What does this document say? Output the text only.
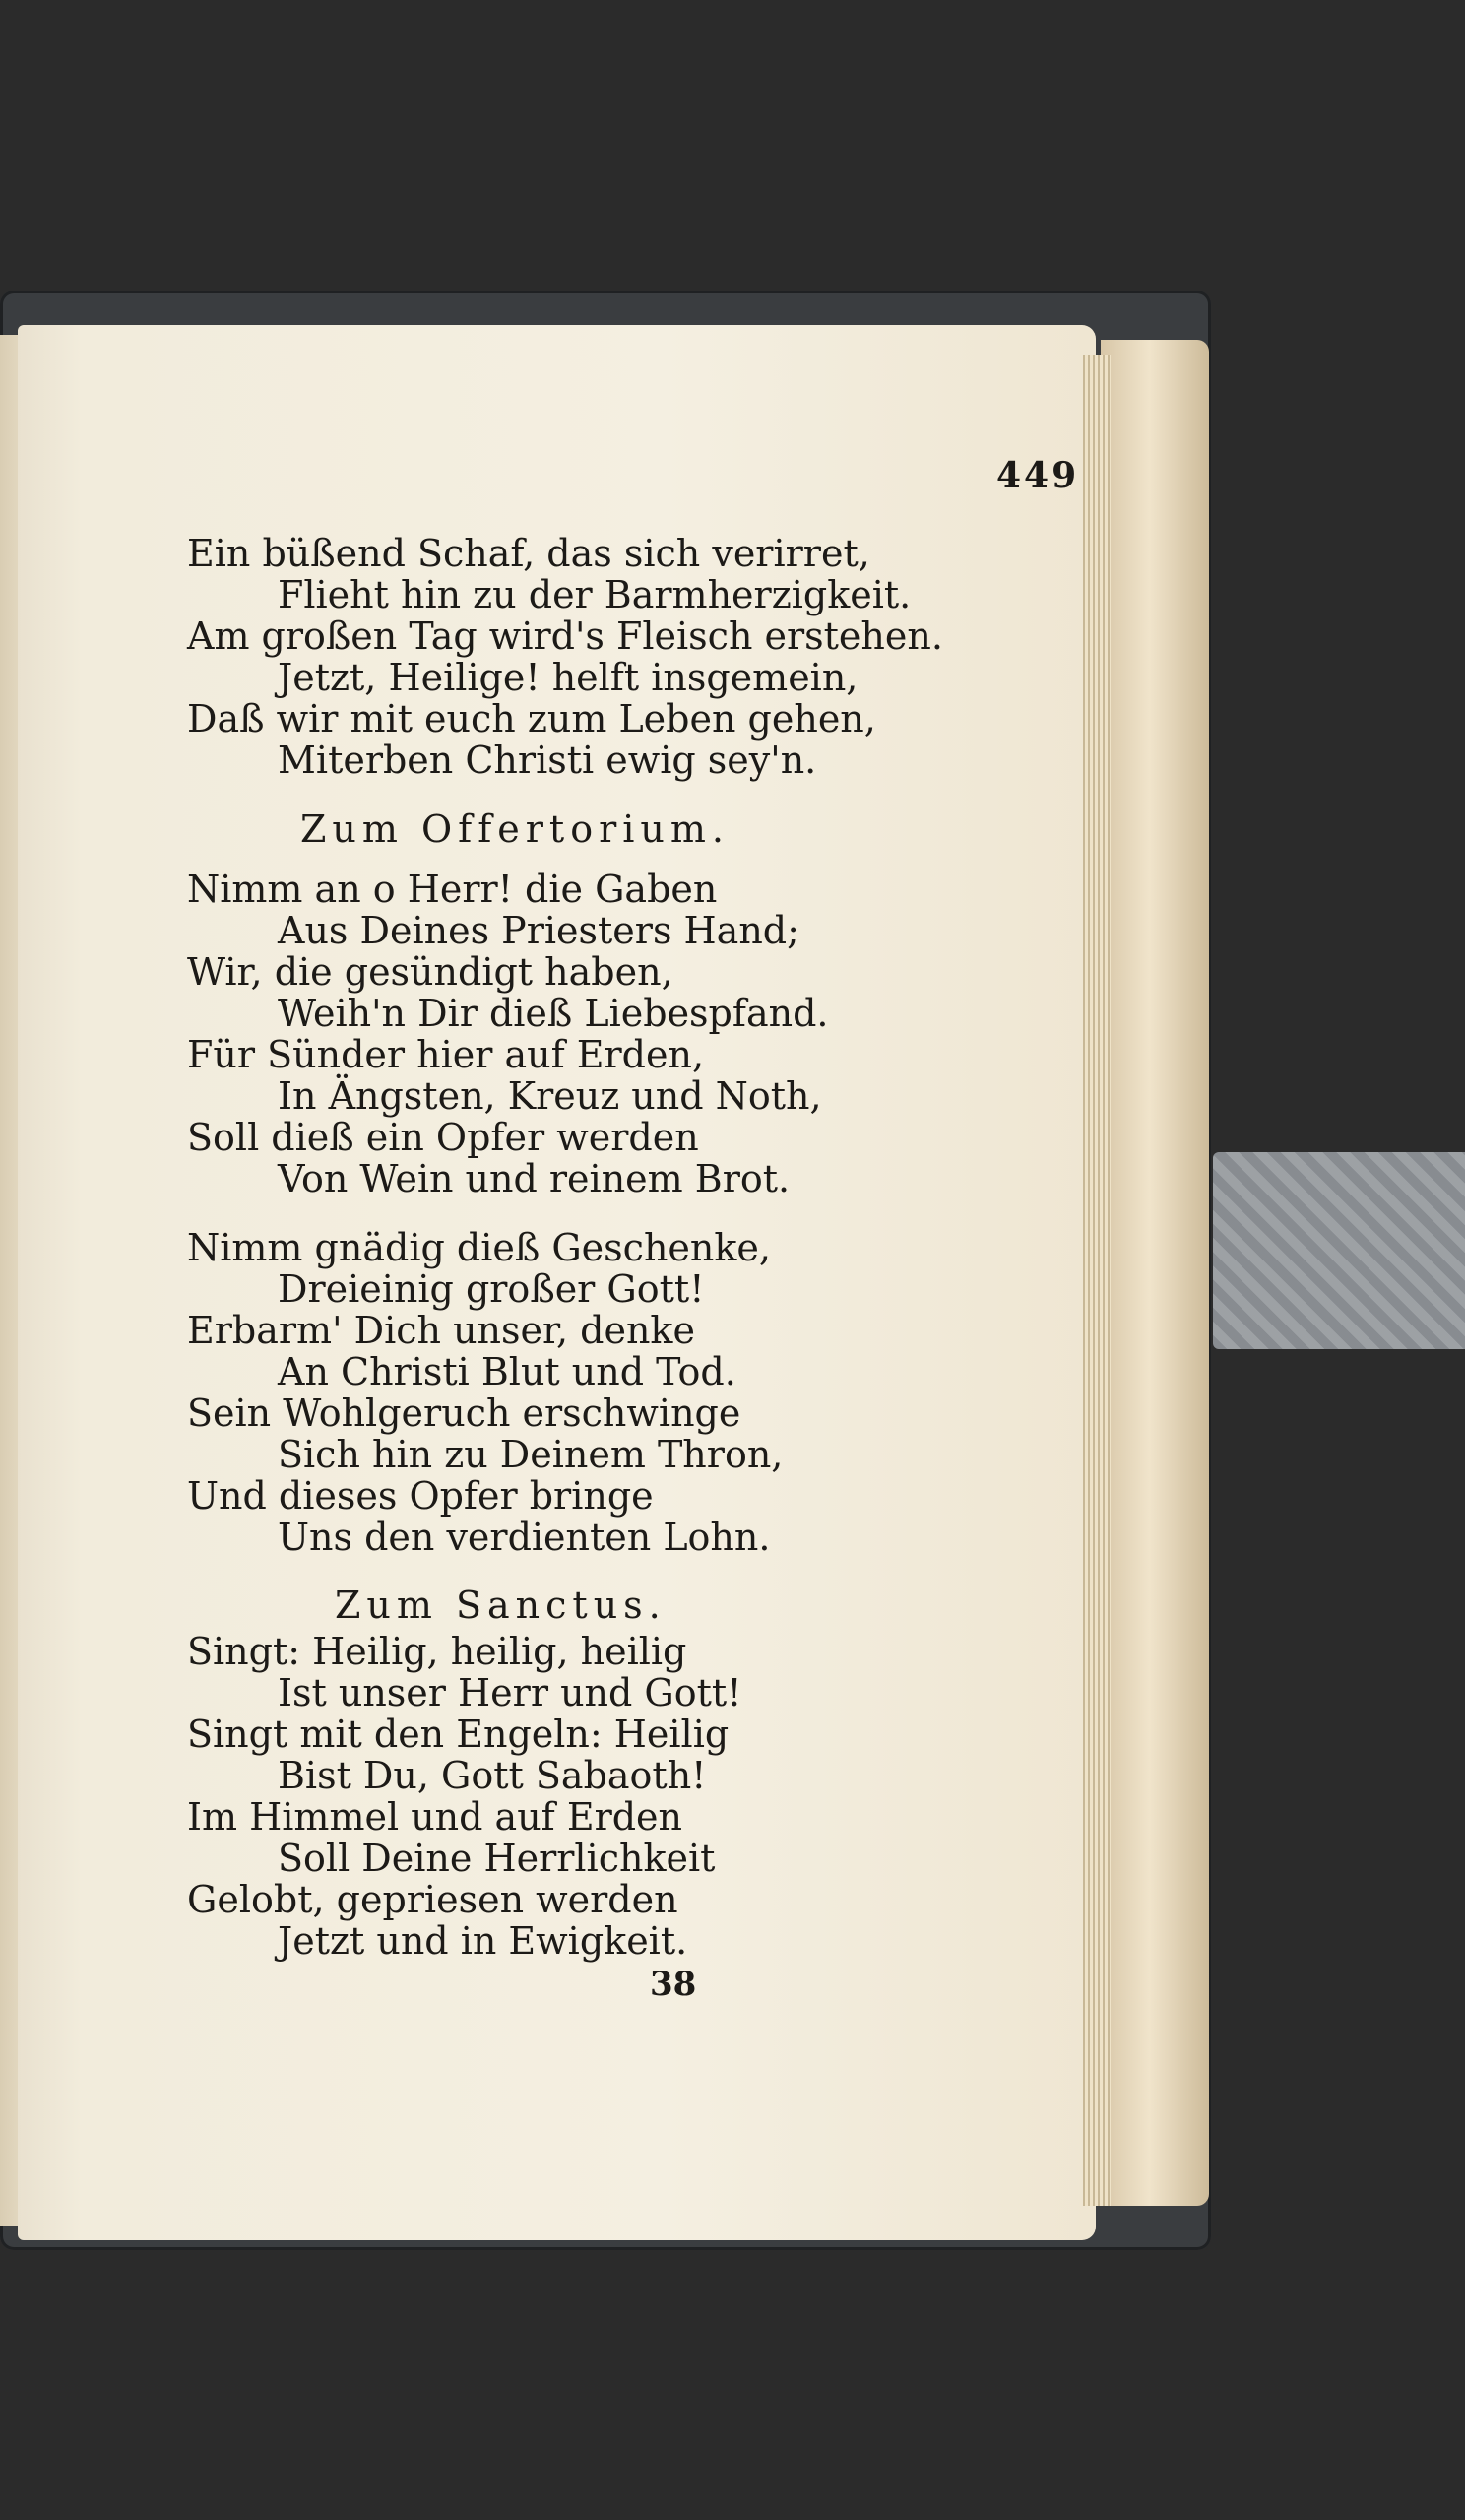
449
Ein büßend Schaf, das sich verirret,
Flieht hin zu der Barmherzigkeit.
Am großen Tag wird's Fleisch erstehen.
Jetzt, Heilige! helft insgemein,
Daß wir mit euch zum Leben gehen,
Miterben Christi ewig sey'n.
Zum Offertorium.
Nimm an o Herr! die Gaben
Aus Deines Priesters Hand;
Wir, die gesündigt haben,
Weih'n Dir dieß Liebespfand.
Für Sünder hier auf Erden,
In Ängsten, Kreuz und Noth,
Soll dieß ein Opfer werden
Von Wein und reinem Brot.
Nimm gnädig dieß Geschenke,
Dreieinig großer Gott!
Erbarm' Dich unser, denke
An Christi Blut und Tod.
Sein Wohlgeruch erschwinge
Sich hin zu Deinem Thron,
Und dieses Opfer bringe
Uns den verdienten Lohn.
Zum Sanctus.
Singt: Heilig, heilig, heilig
Ist unser Herr und Gott!
Singt mit den Engeln: Heilig
Bist Du, Gott Sabaoth!
Im Himmel und auf Erden
Soll Deine Herrlichkeit
Gelobt, gepriesen werden
Jetzt und in Ewigkeit.
38
